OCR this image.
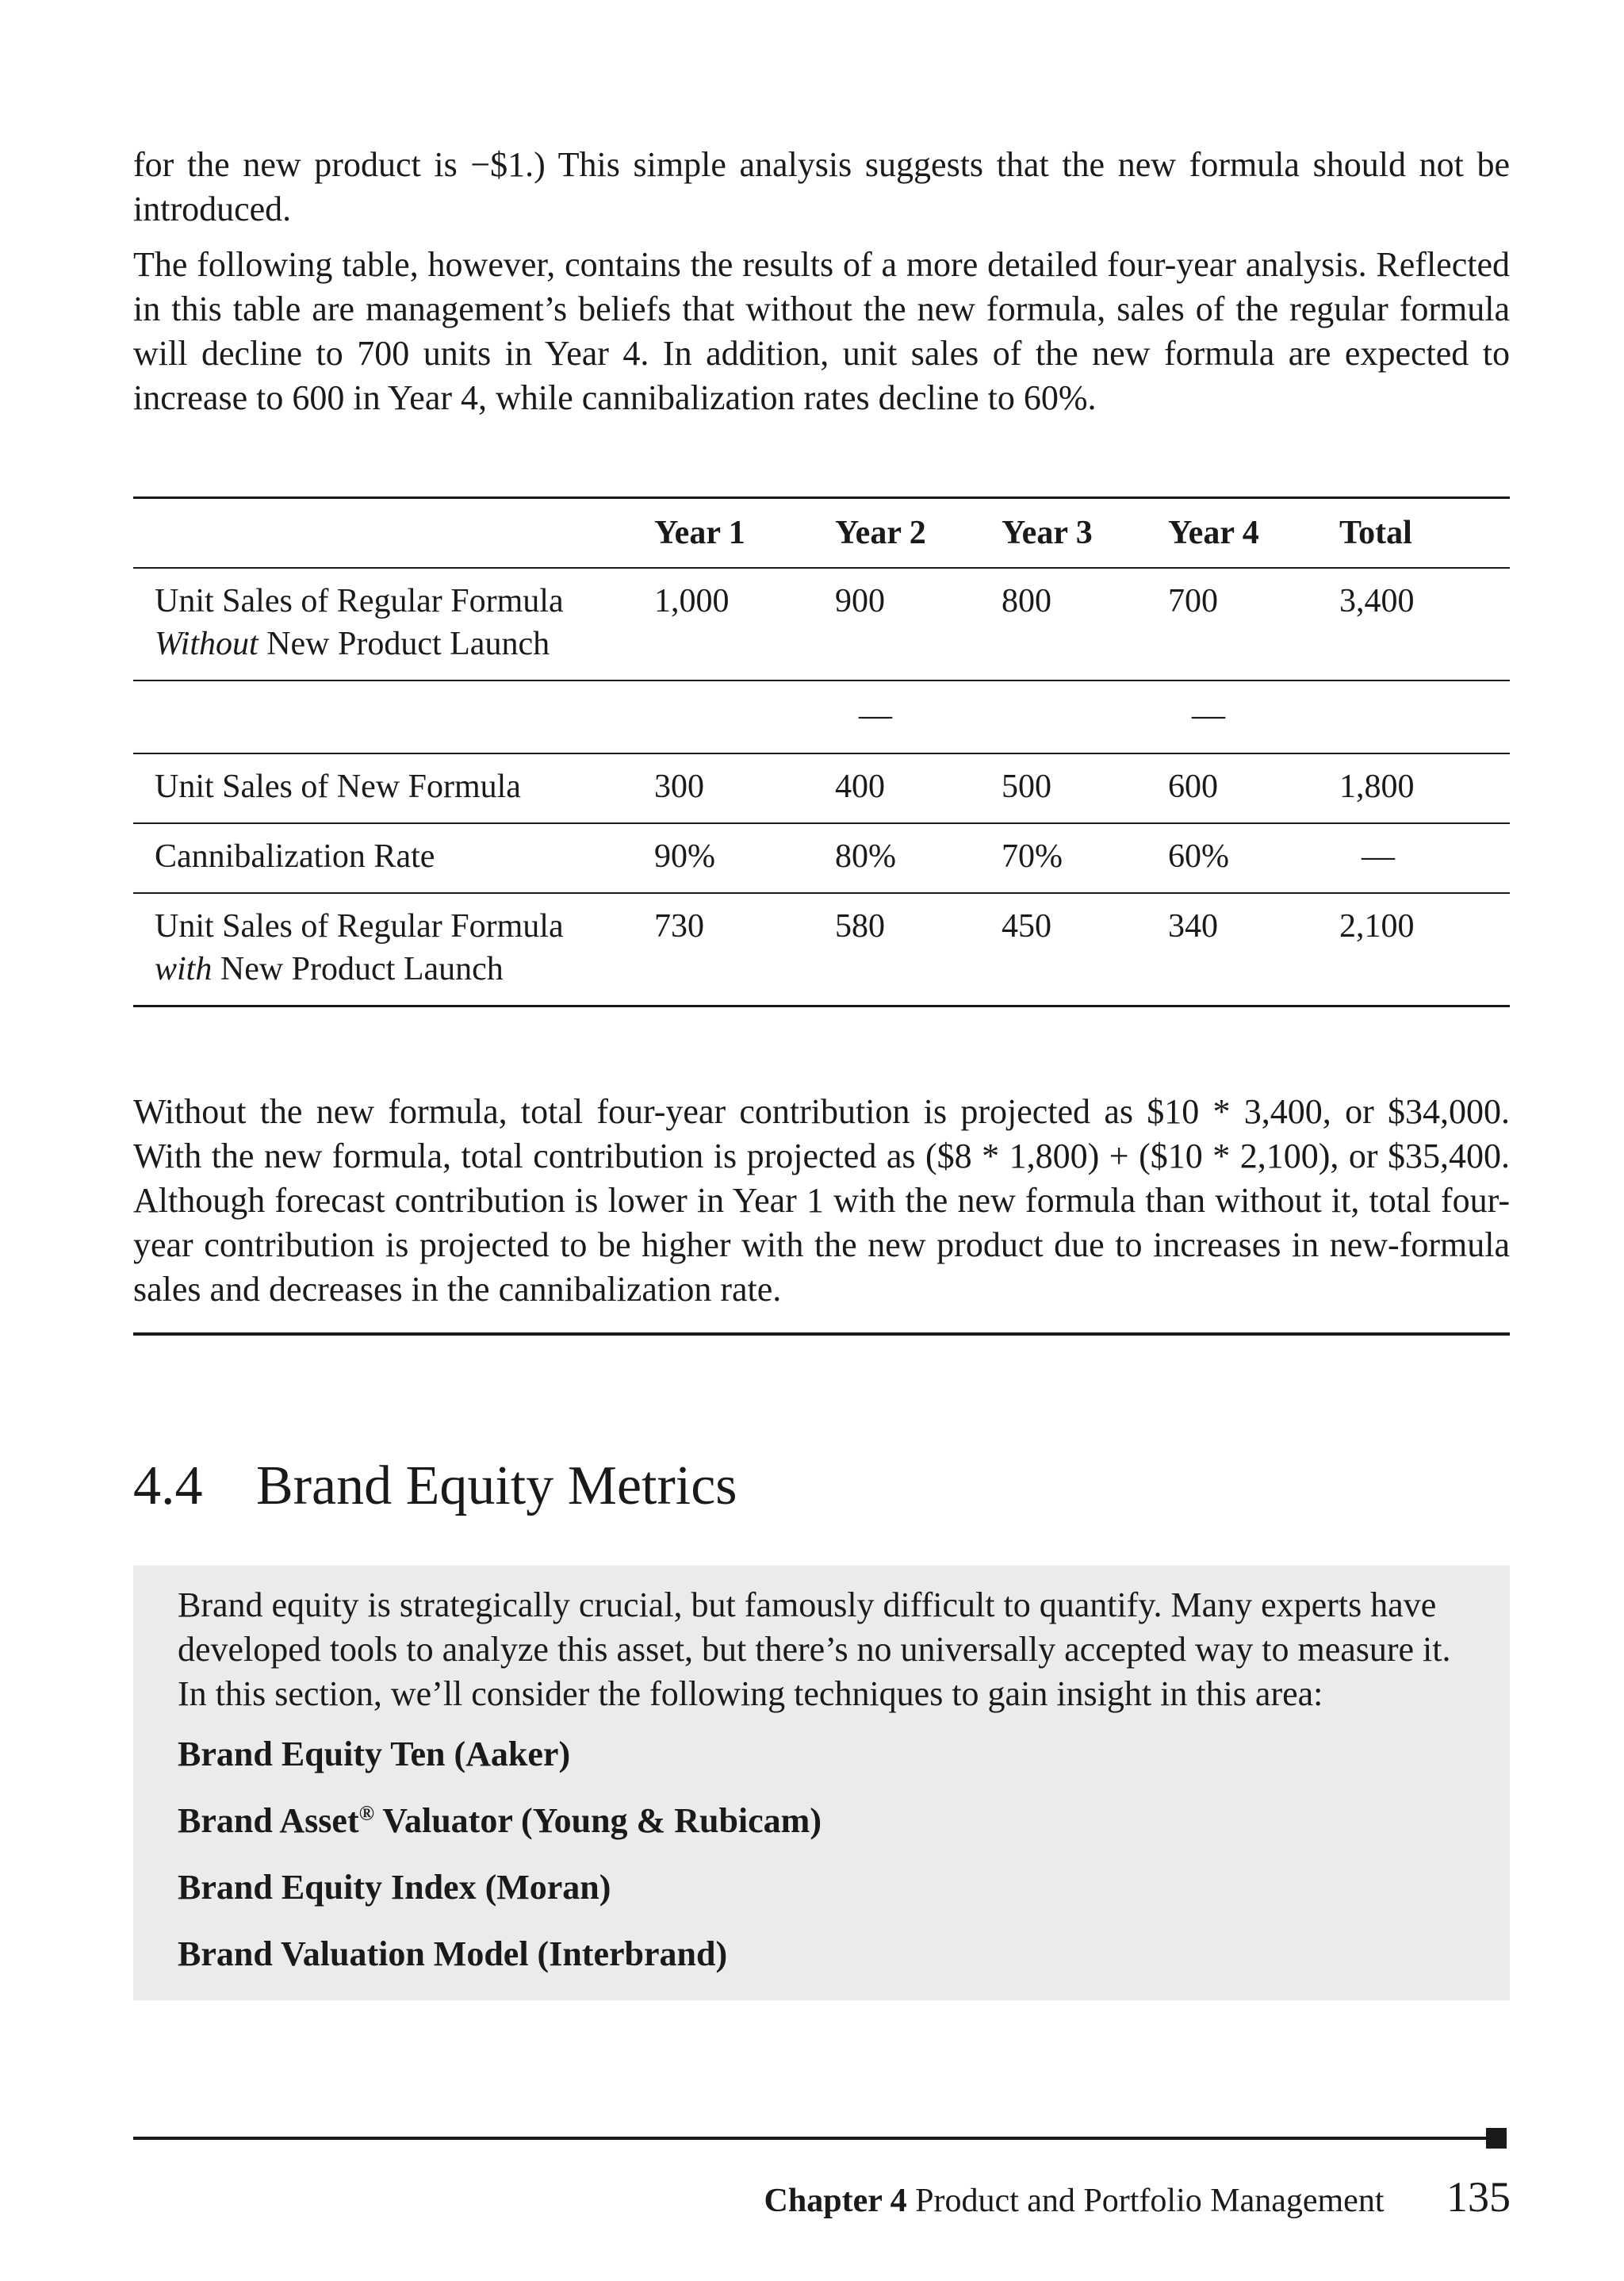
for the new product is −$1.) This simple analysis suggests that the new formula should not be introduced.

The following table, however, contains the results of a more detailed four-year analysis. Reflected in this table are management’s beliefs that without the new formula, sales of the regular formula will decline to 700 units in Year 4. In addition, unit sales of the new formula are expected to increase to 600 in Year 4, while cannibalization rates decline to 60%.

	Year 1	Year 2	Year 3	Year 4	Total
Unit Sales of Regular Formula
Without New Product Launch	1,000	900	800	700	3,400
		—		—	
Unit Sales of New Formula	300	400	500	600	1,800
Cannibalization Rate	90%	80%	70%	60%	—
Unit Sales of Regular Formula
with New Product Launch	730	580	450	340	2,100

Without the new formula, total four-year contribution is projected as $10 * 3,400, or $34,000. With the new formula, total contribution is projected as ($8 * 1,800) + ($10 * 2,100), or $35,400. Although forecast contribution is lower in Year 1 with the new formula than without it, total four-year contribution is projected to be higher with the new product due to increases in new-formula sales and decreases in the cannibalization rate.

4.4 Brand Equity Metrics

Brand equity is strategically crucial, but famously difficult to quantify. Many experts have developed tools to analyze this asset, but there’s no universally accepted way to measure it. In this section, we’ll consider the following techniques to gain insight in this area:

Brand Equity Ten (Aaker)

Brand Asset® Valuator (Young & Rubicam)

Brand Equity Index (Moran)

Brand Valuation Model (Interbrand)

Chapter 4 Product and Portfolio Management 135
